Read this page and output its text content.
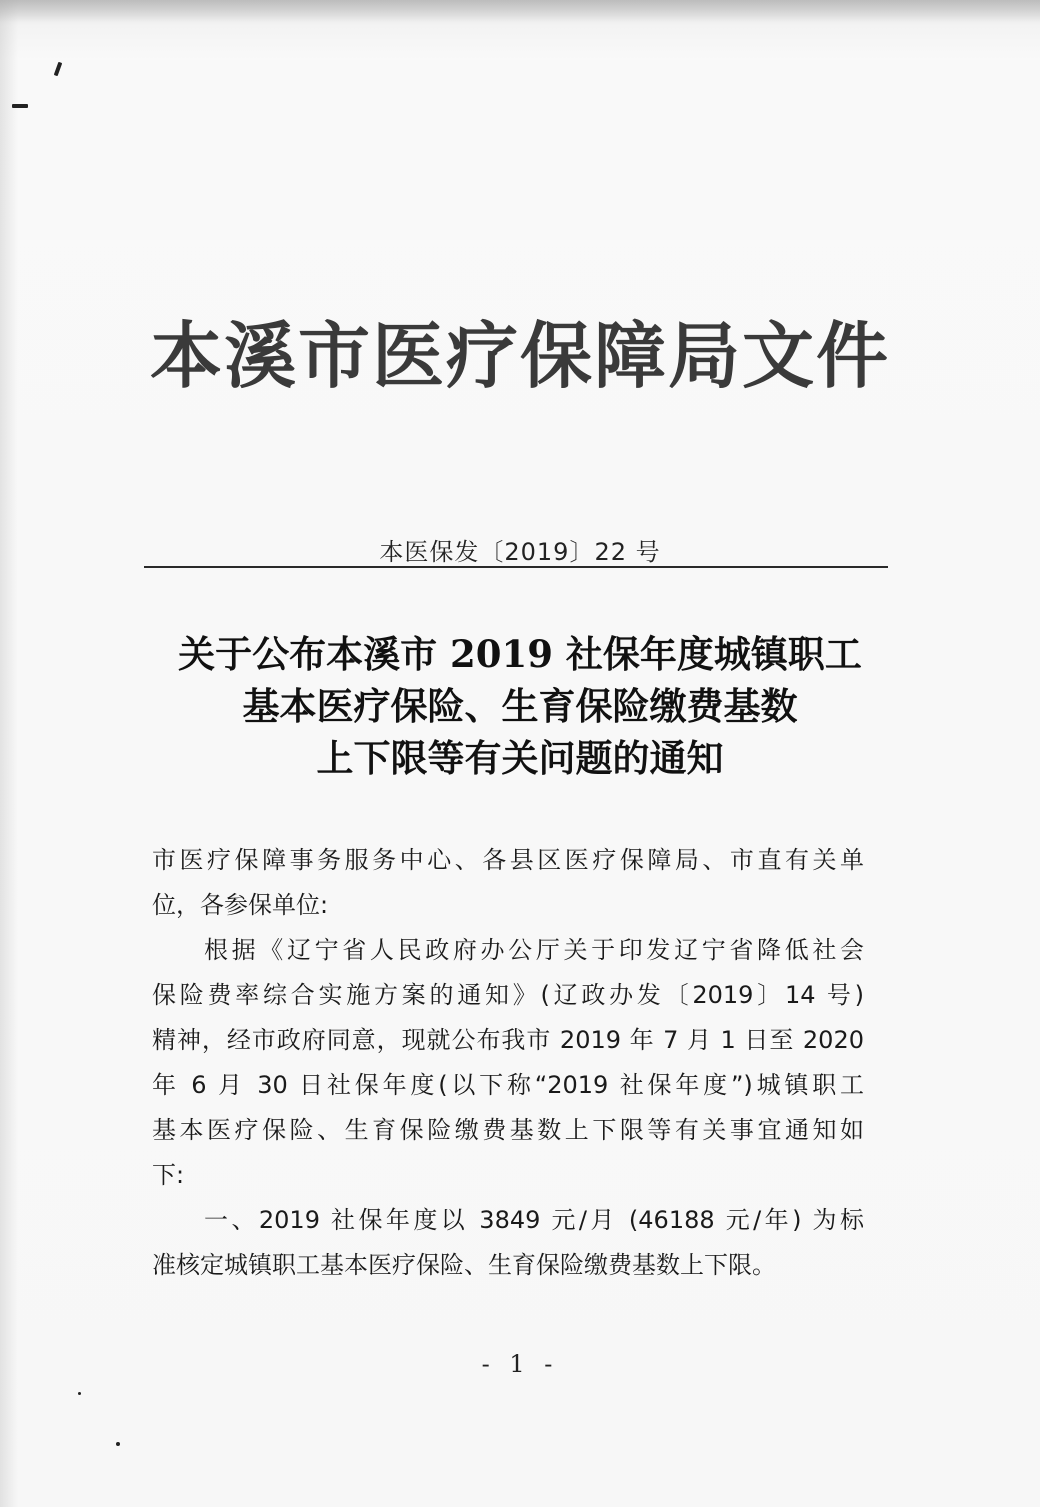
本溪市医疗保障局文件
本医保发〔2019〕22 号
关于公布本溪市 2019 社保年度城镇职工
基本医疗保险、生育保险缴费基数
上下限等有关问题的通知
市医疗保障事务服务中心、各县区医疗保障局、市直有关单
位，各参保单位:
根据《辽宁省人民政府办公厅关于印发辽宁省降低社会
保险费率综合实施方案的通知》(辽政办发〔2019〕14 号)
精神，经市政府同意，现就公布我市 2019 年 7 月 1 日至 2020
年 6 月 30 日社保年度(以下称“2019 社保年度”)城镇职工
基本医疗保险、生育保险缴费基数上下限等有关事宜通知如
下:
一、2019 社保年度以 3849 元/月 (46188 元/年) 为标
准核定城镇职工基本医疗保险、生育保险缴费基数上下限。
- 1 -
